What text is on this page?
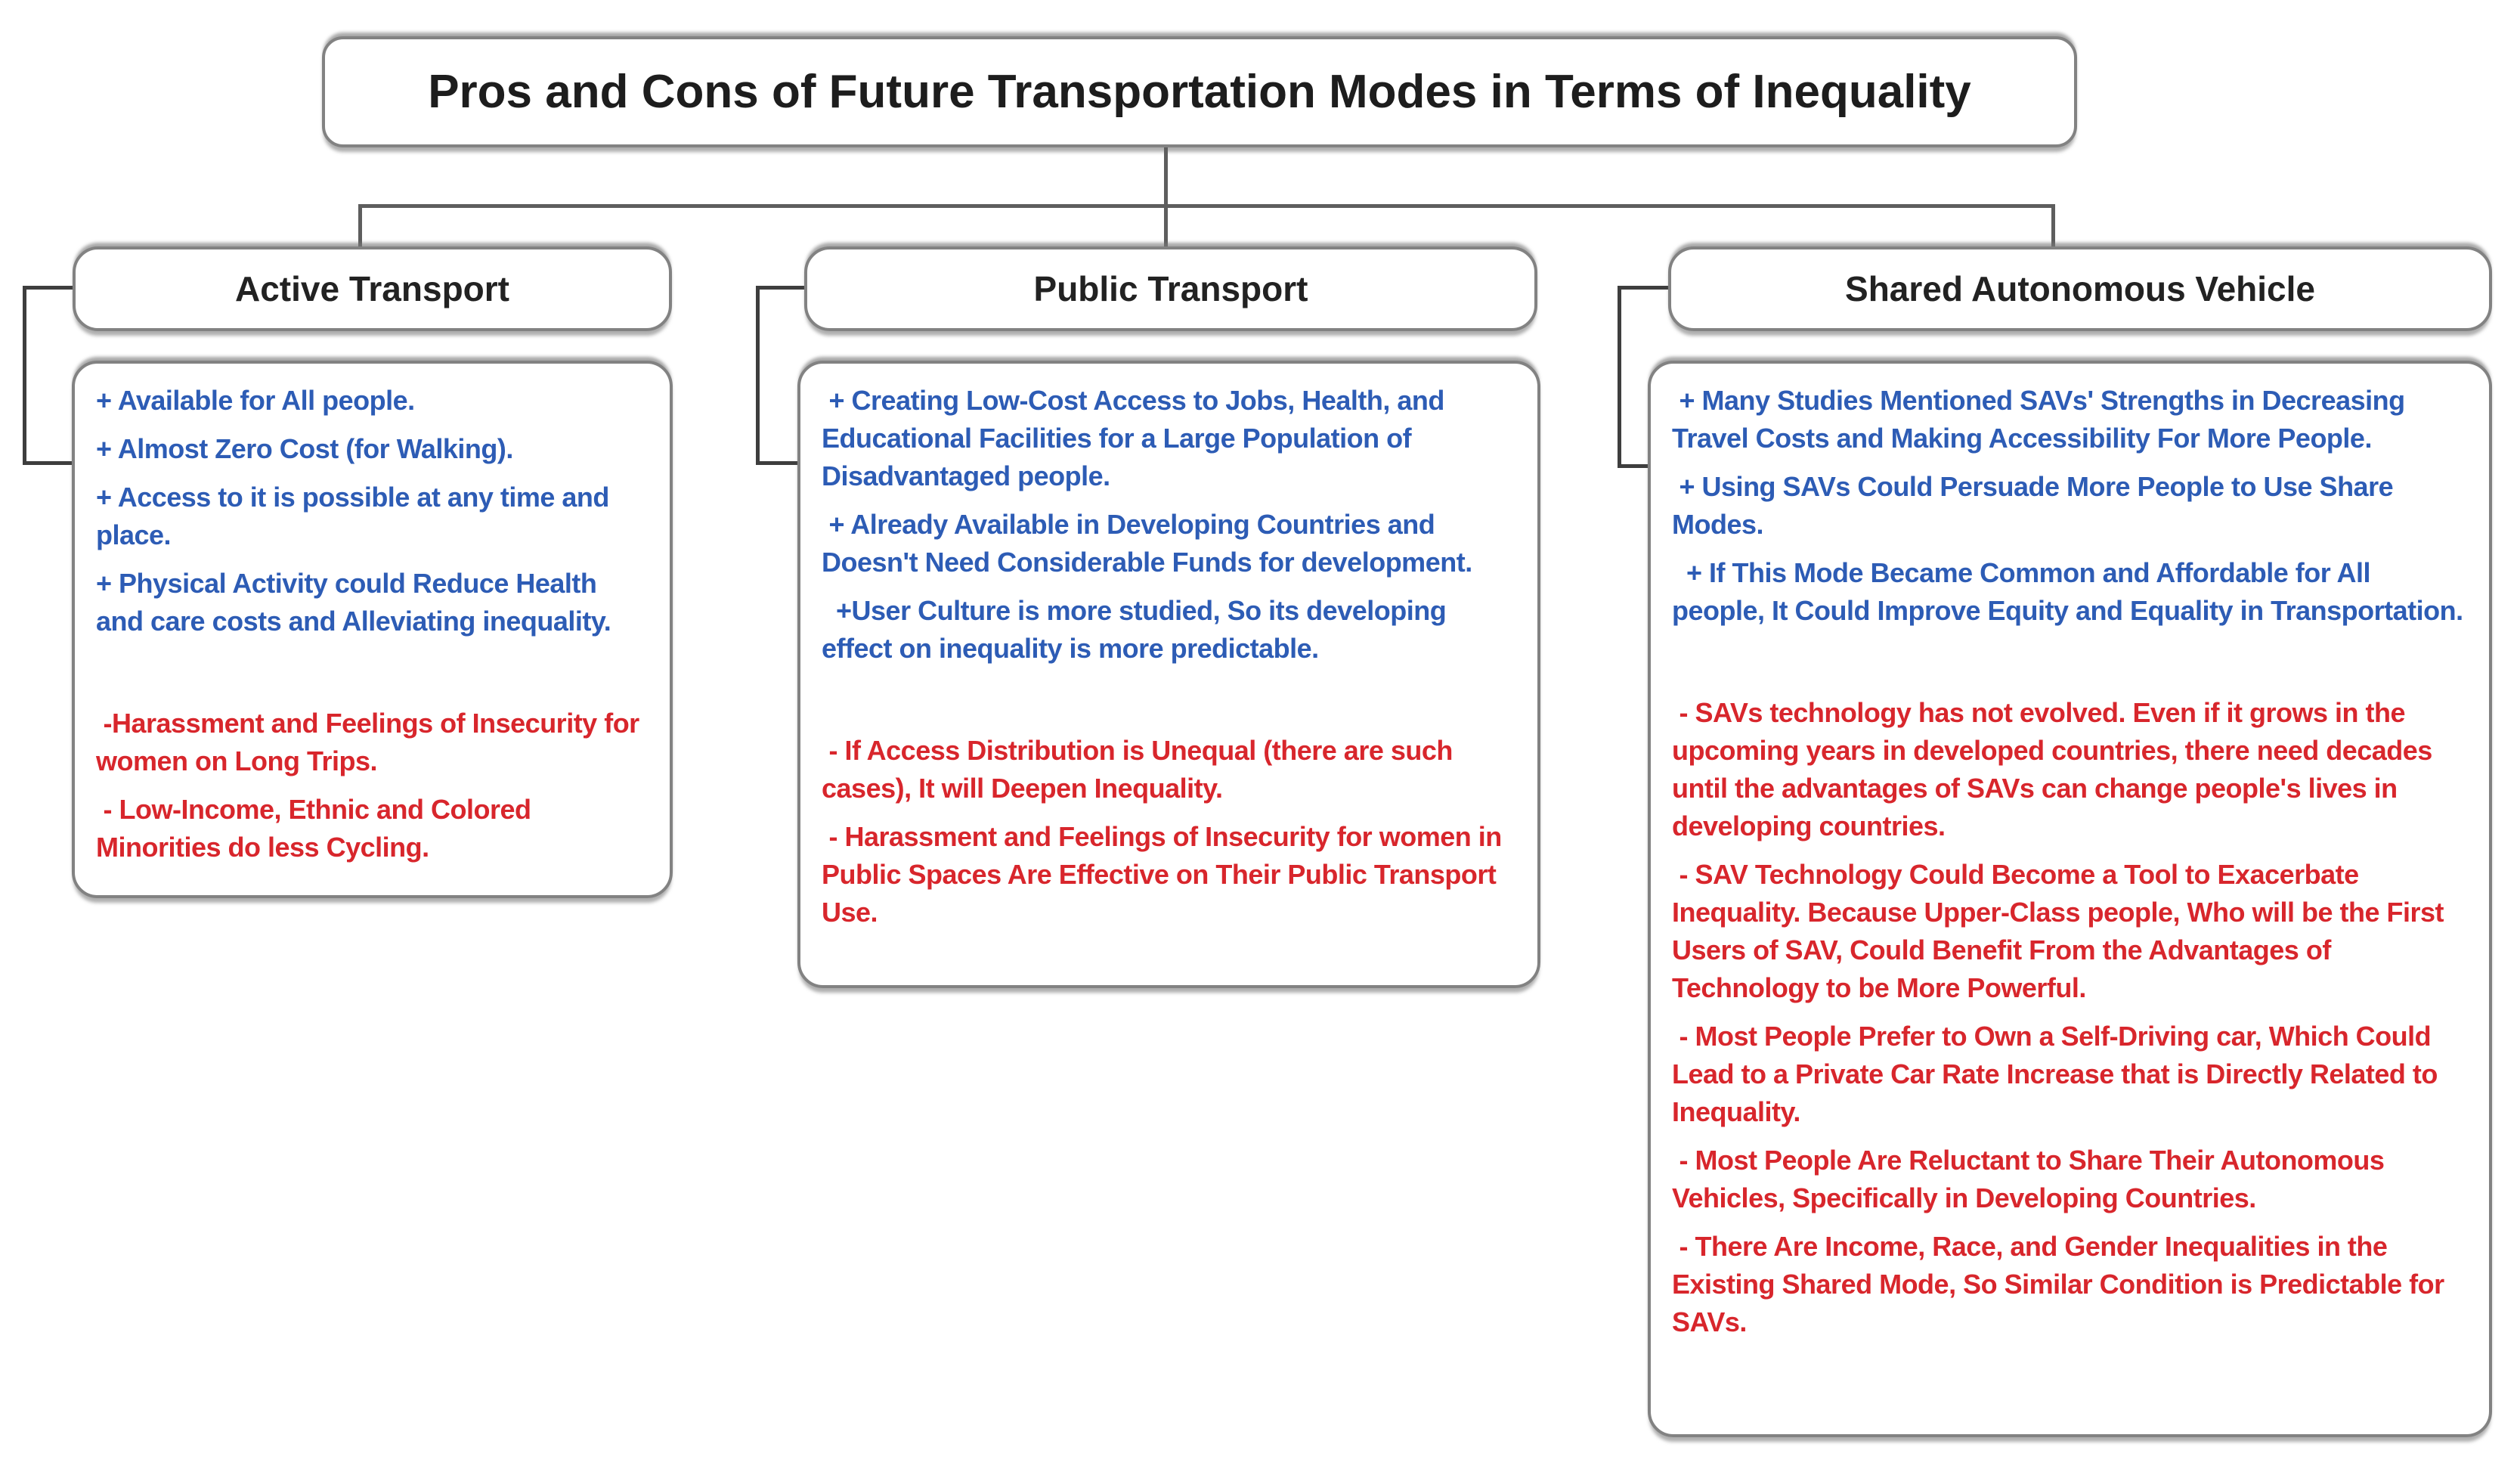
Pros and Cons of Future Transportation Modes in Terms of Inequality
Active Transport

+ Available for All people.

+ Almost Zero Cost (for Walking).

+ Access to it is possible at any time and place.

+ Physical Activity could Reduce Health and care costs and Alleviating inequality.

-Harassment and Feelings of Insecurity for women on Long Trips.

- Low-Income, Ethnic and Colored Minorities do less Cycling.

Public Transport

+ Creating Low-Cost Access to Jobs, Health, and Educational Facilities for a Large Population of Disadvantaged people.

+ Already Available in Developing Countries and Doesn't Need Considerable Funds for development.

+User Culture is more studied, So its developing effect on inequality is more predictable.

- If Access Distribution is Unequal (there are such cases), It will Deepen Inequality.

- Harassment and Feelings of Insecurity for women in Public Spaces Are Effective on Their Public Transport Use.

Shared Autonomous Vehicle

+ Many Studies Mentioned SAVs' Strengths in Decreasing Travel Costs and Making Accessibility For More People.

+ Using SAVs Could Persuade More People to Use Share Modes.

+ If This Mode Became Common and Affordable for All people, It Could Improve Equity and Equality in Transportation.

- SAVs technology has not evolved. Even if it grows in the upcoming years in developed countries, there need decades until the advantages of SAVs can change people's lives in developing countries.

- SAV Technology Could Become a Tool to Exacerbate Inequality. Because Upper-Class people, Who will be the First Users of SAV, Could Benefit From the Advantages of Technology to be More Powerful.

- Most People Prefer to Own a Self-Driving car, Which Could Lead to a Private Car Rate Increase that is Directly Related to Inequality.

- Most People Are Reluctant to Share Their Autonomous Vehicles, Specifically in Developing Countries.

- There Are Income, Race, and Gender Inequalities in the Existing Shared Mode, So Similar Condition is Predictable for SAVs.
